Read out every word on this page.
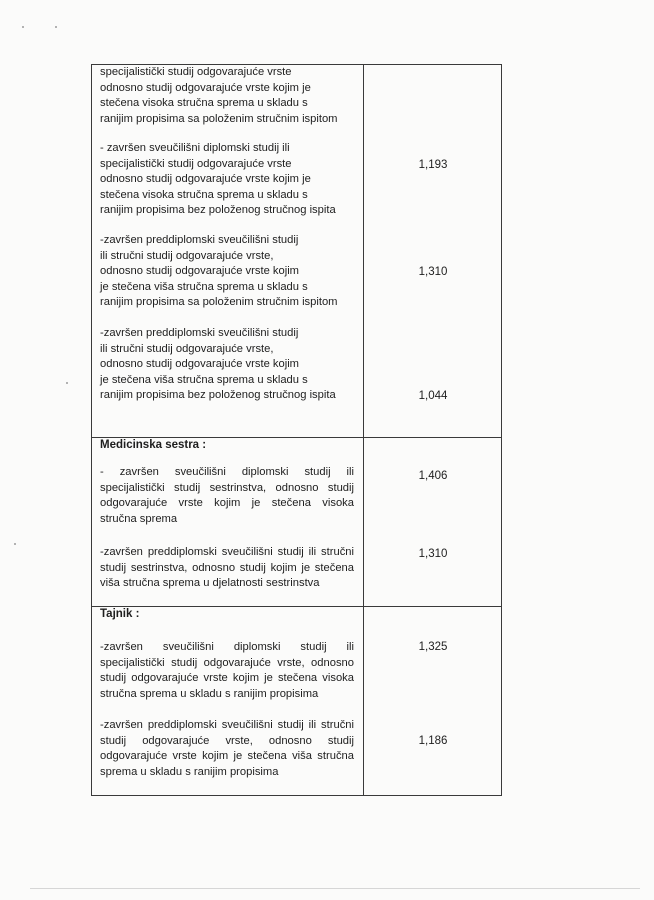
specijalistički studij odgovarajuće vrste
odnosno studij odgovarajuće vrste kojim je
stečena visoka stručna sprema u skladu s
ranijim propisima sa položenim stručnim ispitom
- završen sveučilišni diplomski studij ili
specijalistički studij odgovarajuće vrste
odnosno studij odgovarajuće vrste kojim je
stečena visoka stručna sprema u skladu s
ranijim propisima bez položenog stručnog ispita
1,193
-završen preddiplomski sveučilišni studij
ili stručni studij odgovarajuće vrste,
odnosno studij odgovarajuće vrste kojim
je stečena viša stručna sprema u skladu s
ranijim propisima sa položenim stručnim ispitom
1,310
-završen preddiplomski sveučilišni studij
ili stručni studij odgovarajuće vrste,
odnosno studij odgovarajuće vrste kojim
je stečena viša stručna sprema u skladu s
ranijim propisima bez položenog stručnog ispita	1,044
Medicinska sestra :
- završen sveučilišni diplomski studij ili
specijalistički studij sestrinstva, odnosno studij
odgovarajuće vrste kojim je stečena visoka
stručna sprema
1,406
-završen preddiplomski sveučilišni studij ili stručni
studij sestrinstva, odnosno studij kojim je stečena
viša stručna sprema u djelatnosti sestrinstva
1,310
Tajnik :
-završen sveučilišni diplomski studij ili
specijalistički studij odgovarajuće vrste, odnosno
studij odgovarajuće vrste kojim je stečena visoka
stručna sprema u skladu s ranijim propisima
1,325
-završen preddiplomski sveučilišni studij ili stručni
studij odgovarajuće vrste, odnosno studij
odgovarajuće vrste kojim je stečena viša stručna
sprema u skladu s ranijim propisima
1,186
